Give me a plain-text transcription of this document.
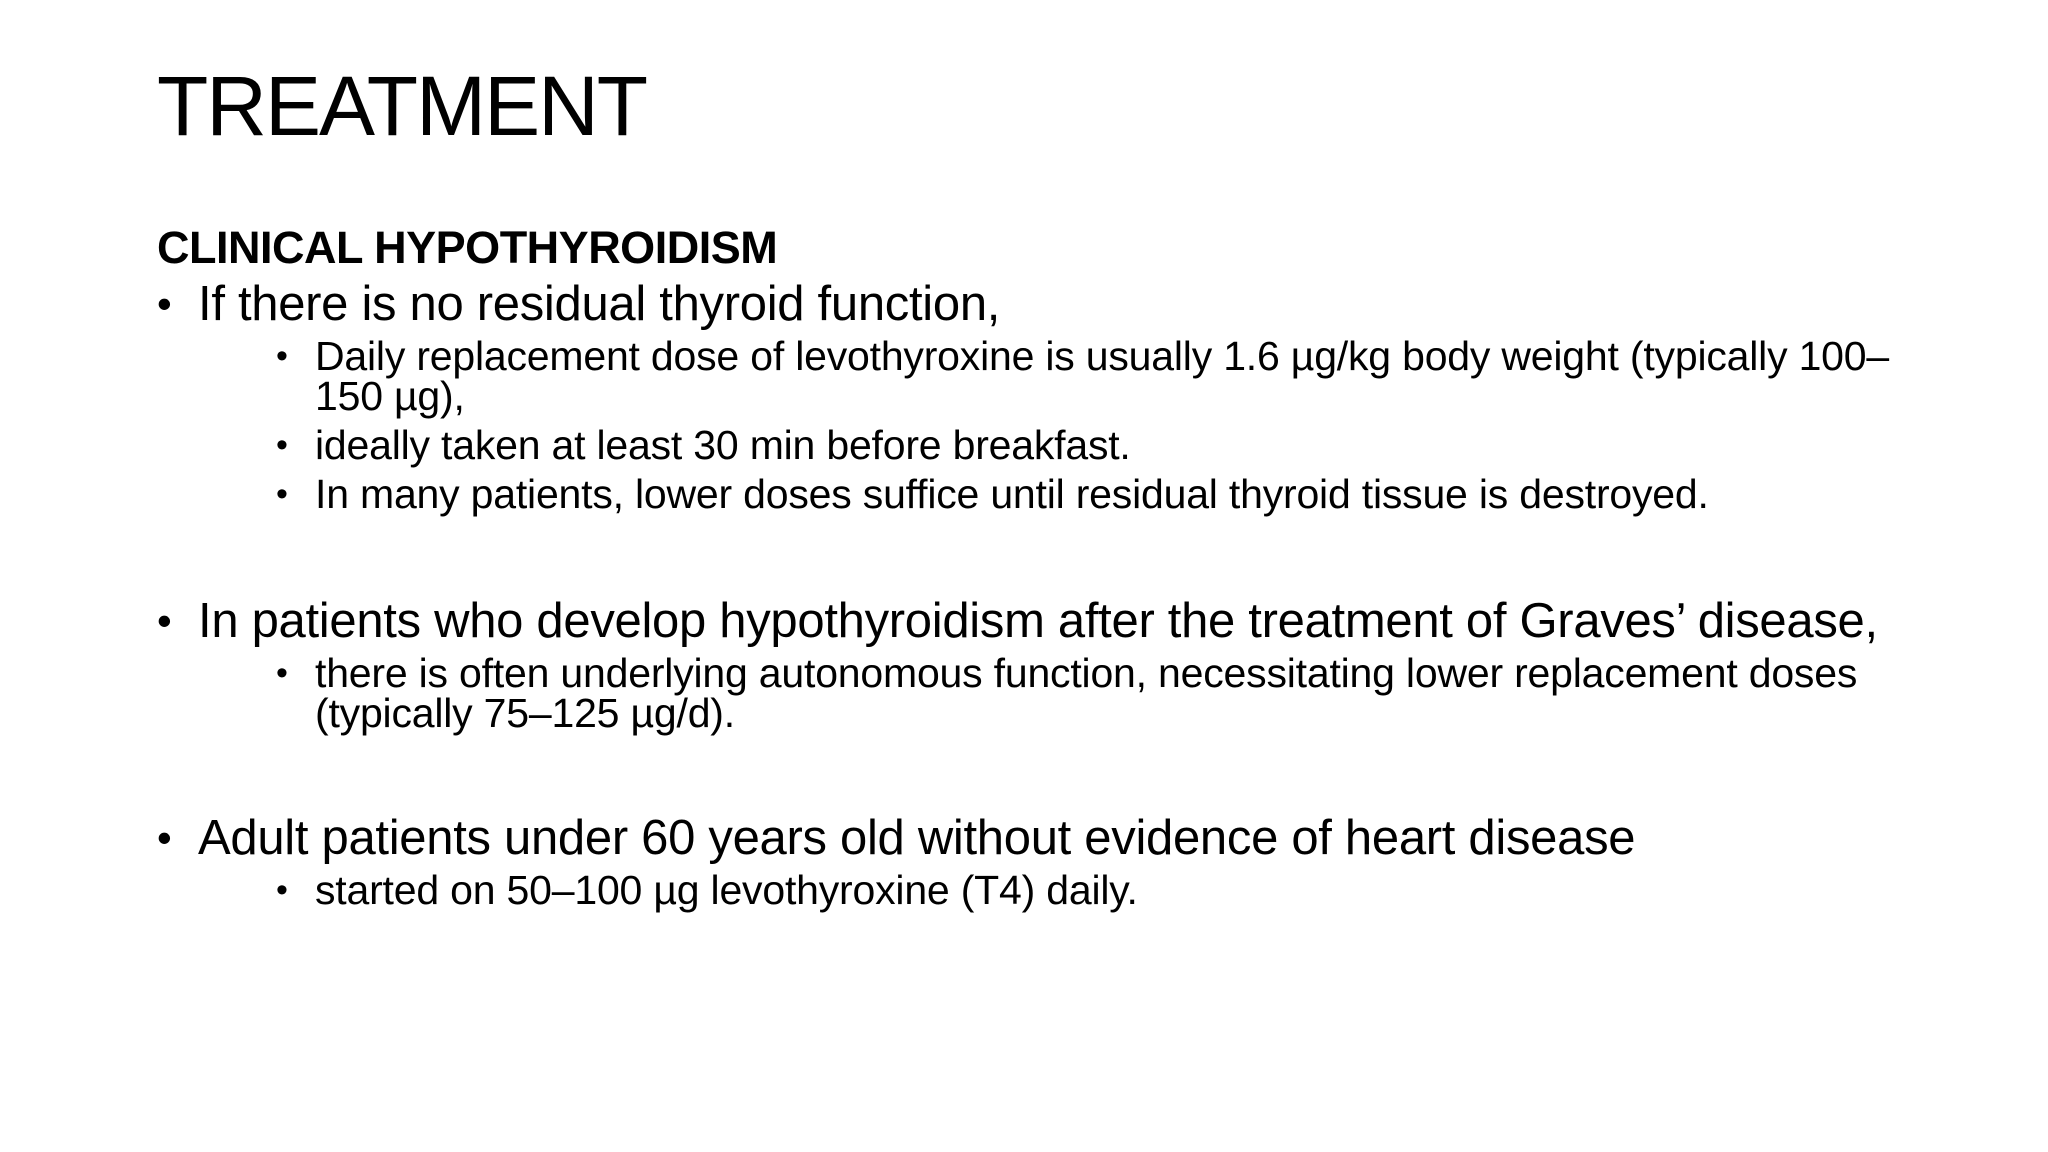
TREATMENT
CLINICAL HYPOTHYROIDISM
• If there is no residual thyroid function,
• Daily replacement dose of levothyroxine is usually 1.6 µg/kg body weight (typically 100–150 µg),
• ideally taken at least 30 min before breakfast.
• In many patients, lower doses suffice until residual thyroid tissue is destroyed.
• In patients who develop hypothyroidism after the treatment of Graves’ disease,
• there is often underlying autonomous function, necessitating lower replacement doses (typically 75–125 µg/d).
• Adult patients under 60 years old without evidence of heart disease
• started on 50–100 µg levothyroxine (T4) daily.
